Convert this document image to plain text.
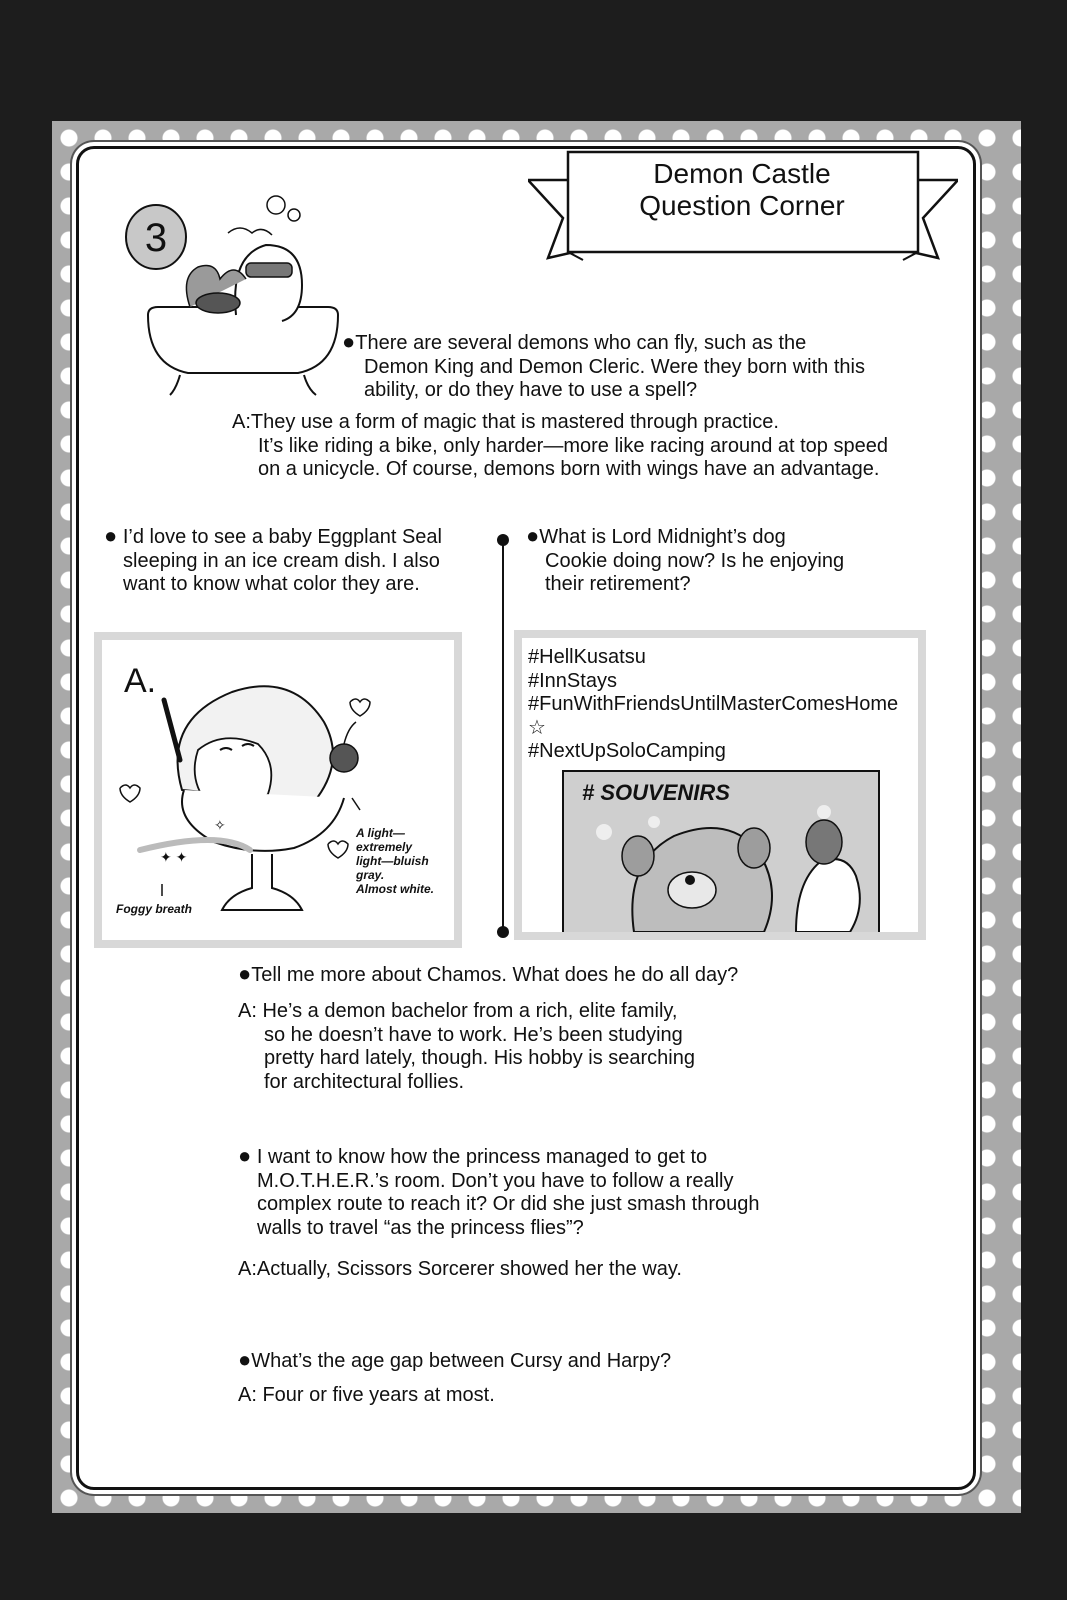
Demon Castle
Question Corner
3
●There are several demons who can fly, such as the
Demon King and Demon Cleric. Were they born with this
ability, or do they have to use a spell?
A:They use a form of magic that is mastered through practice.
It’s like riding a bike, only harder—more like racing around at top speed
on a unicycle. Of course, demons born with wings have an advantage.
● I’d love to see a baby Eggplant Seal
sleeping in an ice cream dish. I also
want to know what color they are.
●What is Lord Midnight’s dog
Cookie doing now? Is he enjoying
their retirement?
A.
✦ ✦
✧	A light—extremely
light—bluish gray.
Almost white.
Foggy breath
#HellKusatsu
#InnStays
#FunWithFriendsUntilMasterComesHome ☆
#NextUpSoloCamping
# SOUVENIRS
●Tell me more about Chamos. What does he do all day?
A: He’s a demon bachelor from a rich, elite family,
so he doesn’t have to work. He’s been studying
pretty hard lately, though. His hobby is searching
for architectural follies.
● I want to know how the princess managed to get to
M.O.T.H.E.R.’s room. Don’t you have to follow a really
complex route to reach it? Or did she just smash through
walls to travel “as the princess flies”?
A:Actually, Scissors Sorcerer showed her the way.
●What’s the age gap between Cursy and Harpy?
A: Four or five years at most.
